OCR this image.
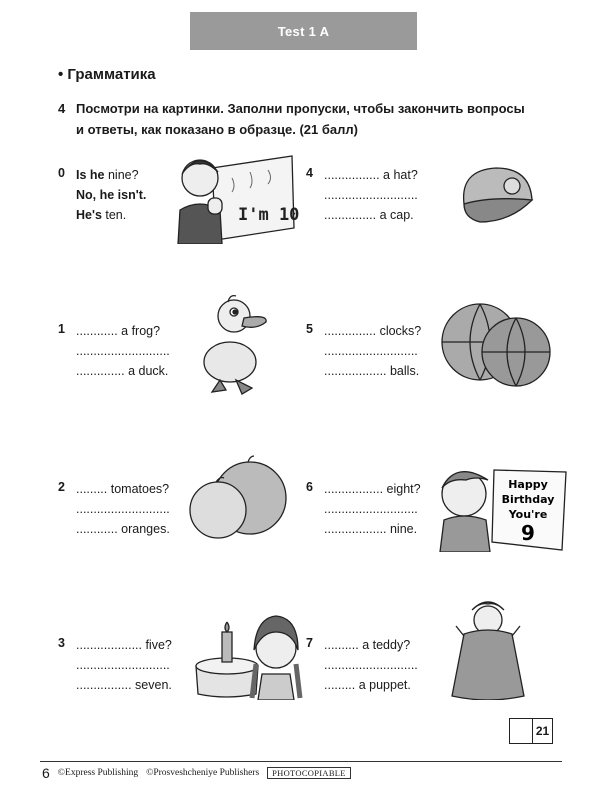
Test 1 A
• Грамматика
4 Посмотри на картинки. Заполни пропуски, чтобы закончить вопросы и ответы, как показано в образце. (21 балл)
0 Is he nine?
No, he isn't.
He's ten.	I'm 10
1 ............ a frog?
...........................
.............. a duck.
2 ......... tomatoes?
...........................
............ oranges.
3 ................... five?
...........................
................ seven.
4 ................ a hat?
...........................
............... a cap.
5 ............... clocks?
...........................
.................. balls.
6 ................. eight?
...........................
.................. nine.
Happy
Birthday
You're
9
7 .......... a teddy?
...........................
......... a puppet.
21
6 ©Express Publishing ©Prosveshcheniye Publishers	PHOTOCOPIABLE
